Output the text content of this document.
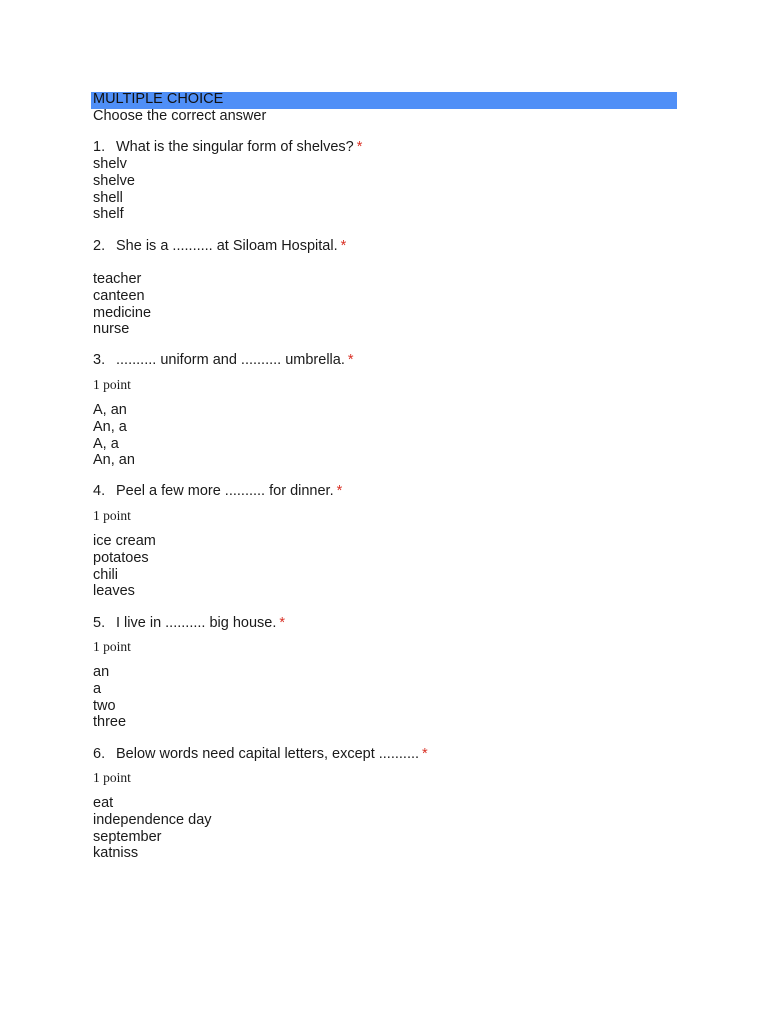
MULTIPLE CHOICE
Choose the correct answer
1. What is the singular form of shelves? *
shelv
shelve
shell
shelf
2. She is a .......... at Siloam Hospital. *
teacher
canteen
medicine
nurse
3. .......... uniform and .......... umbrella. *
1 point
A, an
An, a
A, a
An, an
4. Peel a few more .......... for dinner. *
1 point
ice cream
potatoes
chili
leaves
5. I live in .......... big house. *
1 point
an
a
two
three
6. Below words need capital letters, except .......... *
1 point
eat
independence day
september
katniss
